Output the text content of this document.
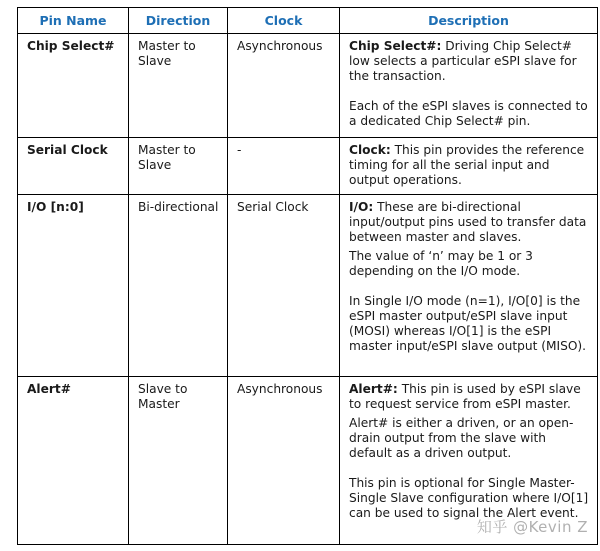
Pin Name	Direction	Clock	Description
Chip Select#	Master to Slave	Asynchronous	Chip Select#: Driving Chip Select# low selects a particular eSPI slave for the transaction.

Each of the eSPI slaves is connected to a dedicated Chip Select# pin.

Serial Clock	Master to Slave	-	Clock: This pin provides the reference timing for all the serial input and output operations.

I/O [n:0]	Bi-directional	Serial Clock	I/O: These are bi-directional input/output pins used to transfer data between master and slaves.

The value of ‘n’ may be 1 or 3 depending on the I/O mode.

In Single I/O mode (n=1), I/O[0] is the eSPI master output/eSPI slave input (MOSI) whereas I/O[1] is the eSPI master input/eSPI slave output (MISO).

Alert#	Slave to Master	Asynchronous	Alert#: This pin is used by eSPI slave to request service from eSPI master.

Alert# is either a driven, or an open-drain output from the slave with default as a driven output.

This pin is optional for Single Master-Single Slave configuration where I/O[1] can be used to signal the Alert event.

知乎 @Kevin Z
